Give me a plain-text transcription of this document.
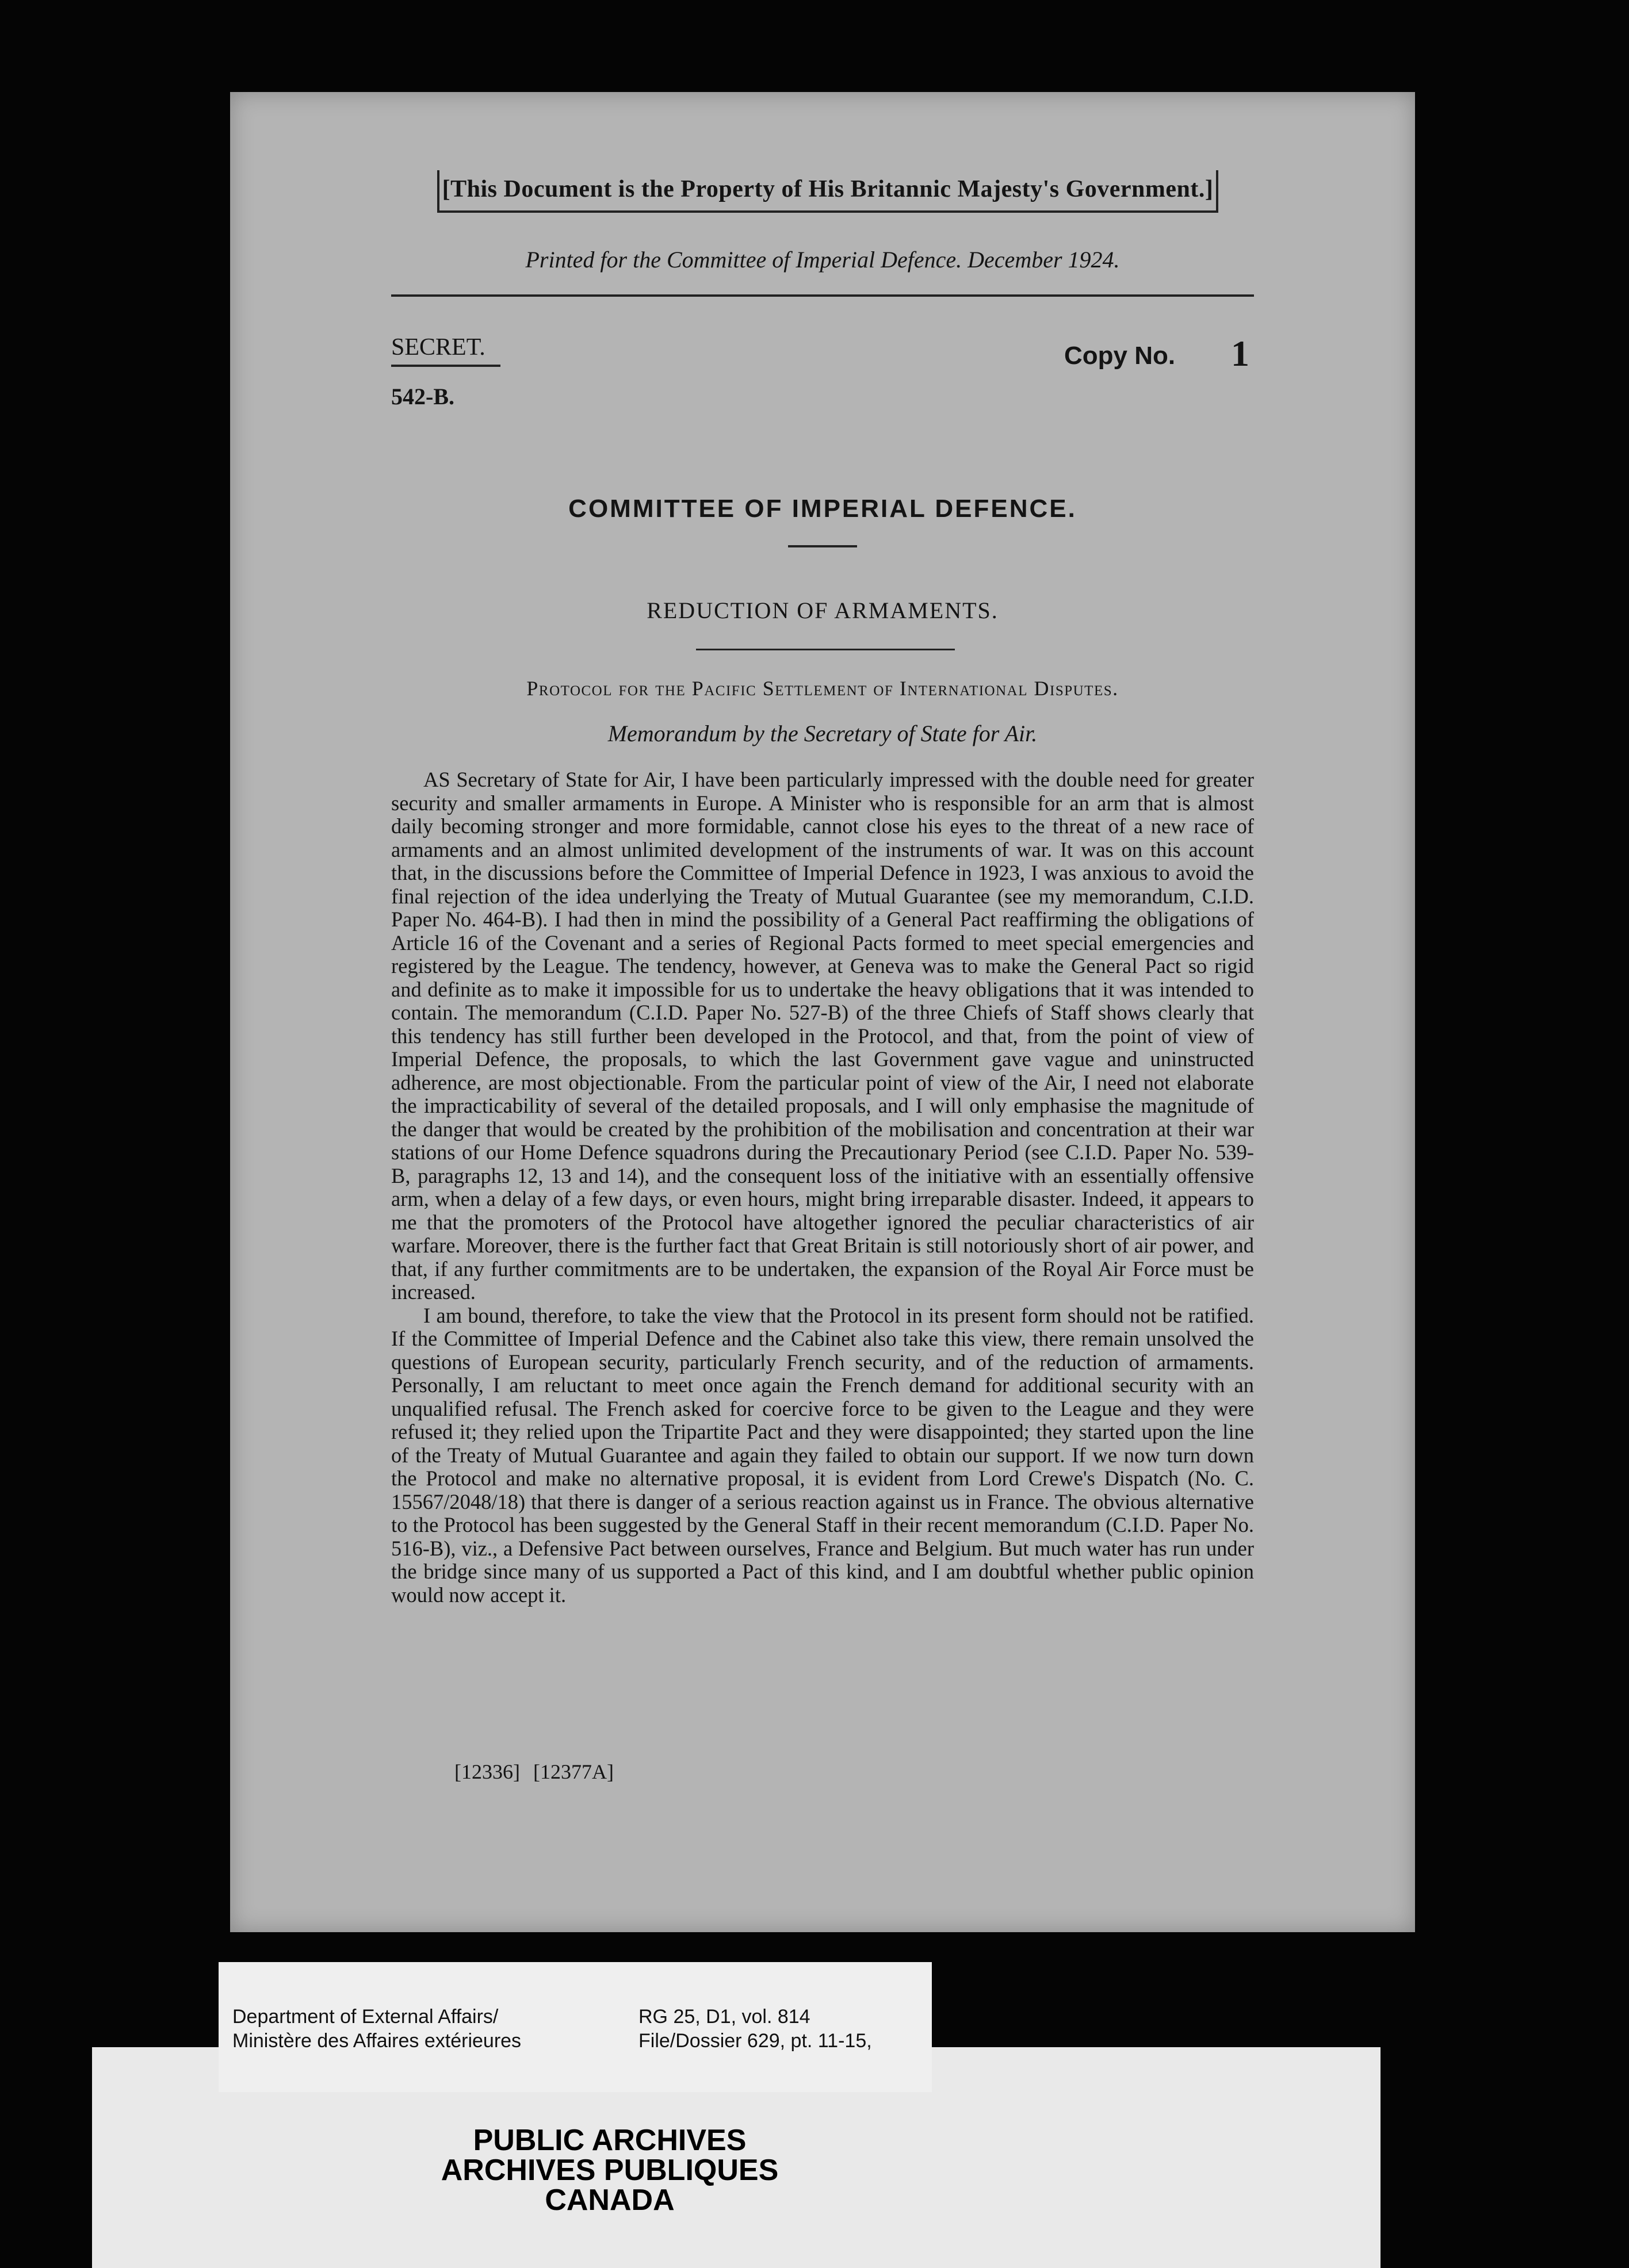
[This Document is the Property of His Britannic Majesty's Government.]
Printed for the Committee of Imperial Defence. December 1924.
SECRET.
542-B.
Copy No. 1
COMMITTEE OF IMPERIAL DEFENCE.
REDUCTION OF ARMAMENTS.
Protocol for the Pacific Settlement of International Disputes.
Memorandum by the Secretary of State for Air.

AS Secretary of State for Air, I have been particularly impressed with the double need for greater security and smaller armaments in Europe. A Minister who is responsible for an arm that is almost daily becoming stronger and more formidable, cannot close his eyes to the threat of a new race of armaments and an almost unlimited development of the instruments of war. It was on this account that, in the discussions before the Committee of Imperial Defence in 1923, I was anxious to avoid the final rejection of the idea underlying the Treaty of Mutual Guarantee (see my memorandum, C.I.D. Paper No. 464-B). I had then in mind the possibility of a General Pact reaffirming the obligations of Article 16 of the Covenant and a series of Regional Pacts formed to meet special emergencies and registered by the League. The tendency, however, at Geneva was to make the General Pact so rigid and definite as to make it impossible for us to undertake the heavy obligations that it was intended to contain. The memorandum (C.I.D. Paper No. 527-B) of the three Chiefs of Staff shows clearly that this tendency has still further been developed in the Protocol, and that, from the point of view of Imperial Defence, the proposals, to which the last Government gave vague and uninstructed adherence, are most objectionable. From the particular point of view of the Air, I need not elaborate the impracticability of several of the detailed proposals, and I will only emphasise the magnitude of the danger that would be created by the prohibition of the mobilisation and concentration at their war stations of our Home Defence squadrons during the Precautionary Period (see C.I.D. Paper No. 539-B, paragraphs 12, 13 and 14), and the consequent loss of the initiative with an essentially offensive arm, when a delay of a few days, or even hours, might bring irreparable disaster. Indeed, it appears to me that the promoters of the Protocol have altogether ignored the peculiar characteristics of air warfare. Moreover, there is the further fact that Great Britain is still notoriously short of air power, and that, if any further commitments are to be undertaken, the expansion of the Royal Air Force must be increased.

I am bound, therefore, to take the view that the Protocol in its present form should not be ratified. If the Committee of Imperial Defence and the Cabinet also take this view, there remain unsolved the questions of European security, particularly French security, and of the reduction of armaments. Personally, I am reluctant to meet once again the French demand for additional security with an unqualified refusal. The French asked for coercive force to be given to the League and they were refused it; they relied upon the Tripartite Pact and they were disappointed; they started upon the line of the Treaty of Mutual Guarantee and again they failed to obtain our support. If we now turn down the Protocol and make no alternative proposal, it is evident from Lord Crewe's Dispatch (No. C. 15567/2048/18) that there is danger of a serious reaction against us in France. The obvious alternative to the Protocol has been suggested by the General Staff in their recent memorandum (C.I.D. Paper No. 516-B), viz., a Defensive Pact between ourselves, France and Belgium. But much water has run under the bridge since many of us supported a Pact of this kind, and I am doubtful whether public opinion would now accept it.

[12336] [12377A]
PUBLIC ARCHIVES
ARCHIVES PUBLIQUES
CANADA
Department of External Affairs/
Ministère des Affaires extérieures
RG 25, D1, vol. 814
File/Dossier 629, pt. 11-15,
